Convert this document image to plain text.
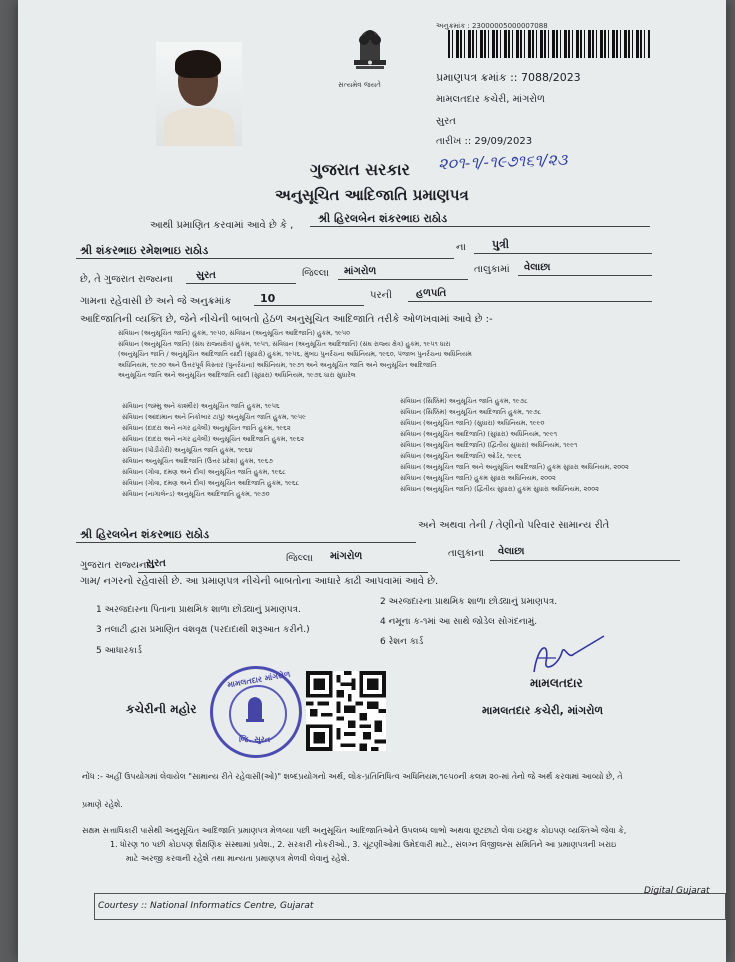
સત્યમેવ જયતે
અનુક્રમાંક : 23000005000007088
પ્રમાણપત્ર ક્રમાંક :: 7088/2023
મામલતદાર કચેરી, માંગરોળ
સુરત
તારીખ :: 29/09/2023
૨૦૧-૧/-૧૯૭૧૬૧/૨૩
ગુજરાત સરકાર
અનુસૂચિત આદિજાતિ પ્રમાણપત્ર
આથી પ્રમાણિત કરવામાં આવે છે કે ,
શ્રી હિરલબેન શંકરભાઇ રાઠોડ
શ્રી શંકરભાઇ રમેશભાઇ રાઠોડ	ના પુત્રી
છે, તે ગુજરાત રાજ્યના સુરત	જિલ્લા માંગરોળ	તાલુકામાં વેલાછા
ગામના રહેવાસી છે અને જે અનુક્રમાંક	10	પરની હળપતિ
આદિજાતિની વ્યક્તિ છે, જેને નીચેની બાબતો હેઠળ અનુસૂચિત આદિજાતિ તરીકે ઓળખવામાં આવે છે :-
સંવિધાન (અનુસૂચિત જાતિ) હુકમ, ૧૯૫૦, સંવિધાન (અનુસૂચિત આદિજાતિ) હુકમ, ૧૯૫૦
સંવિધાન (અનુસૂચિત જાતિ) (સંઘ રાજ્યક્ષેત્ર) હુકમ, ૧૯૫૧, સંવિધાન (અનુસૂચિત આદિજાતિ) (સંઘ રાજ્ય ક્ષેત્ર) હુકમ, ૧૯૫૧ ધારા
(અનુસૂચિત જાતિ / અનુસૂચિત આદિજાતિ યાદી (સુધારો) હુકમ, ૧૯૫૬, મુંબઇ પુનર્રચના અધિનિયમ, ૧૯૬૦, પંજાબ પુનર્રચના અધિનિયમ
અધિનિયમ, ૧૯૭૦ અને ઉત્તરપૂર્વ વિસ્તાર (પુનર્રચના) અધિનિયમ, ૧૯૭૧ અને અનુસૂચિત જાતિ અને અનુસૂચિત આદિજાતિ
અનુસૂચિત જાતિ અને અનુસૂચિત આદિજાતિ યાદી (સુધારા) અધિનિયમ, ૧૯૭૬ ધારા સુધારેલ
સંવિધાન (જમ્મુ અને કાશ્મીર) અનુસૂચિત જાતિ હુકમ, ૧૯૫૬
સંવિધાન (આંદામાન અને નિકોબાર ટાપુ) અનુસૂચિત જાતિ હુકમ, ૧૯૫૯
સંવિધાન (દાદરા અને નગર હવેલી) અનુસૂચિત જાતિ હુકમ, ૧૯૬૨
સંવિધાન (દાદરા અને નગર હવેલી) અનુસૂચિત આદિજાતિ હુકમ, ૧૯૬૨
સંવિધાન (પોંડીચેરી) અનુસૂચિત જાતિ હુકમ, ૧૯૬૪
સંવિધાન અનુસૂચિત આદિજાતિ (ઉત્તર પ્રદેશ) હુકમ, ૧૯૬૭
સંવિધાન (ગોવા, દમણ અને દીવ) અનુસૂચિત જાતિ હુકમ, ૧૯૬૮
સંવિધાન (ગોવા, દમણ અને દીવ) અનુસૂચિત આદિજાતિ હુકમ, ૧૯૬૮
સંવિધાન (નાગાલેન્ડ) અનુસૂચિત આદિજાતિ હુકમ, ૧૯૭૦
સંવિધાન (સિક્કિમ) અનુસૂચિત જાતિ હુકમ, ૧૯૭૮
સંવિધાન (સિક્કિમ) અનુસૂચિત આદિજાતિ હુકમ, ૧૯૭૮
સંવિધાન (અનુસૂચિત જાતિ) (સુધારા) અધિનિયમ, ૧૯૯૦
સંવિધાન (અનુસૂચિત આદિજાતિ) (સુધારા) અધિનિયમ, ૧૯૯૧
સંવિધાન (અનુસૂચિત આદિજાતિ) (દ્વિતીય સુધારા) અધિનિયમ, ૧૯૯૧
સંવિધાન (અનુસૂચિત આદિજાતિ) ઓર્ડર, ૧૯૯૬
સંવિધાન (અનુસૂચિત જાતિ અને અનુસૂચિત આદિજાતિ) હુકમ સુધારા અધિનિયમ, ૨૦૦૨
સંવિધાન (અનુસૂચિત જાતિ) હુકમ સુધારા અધિનિયમ, ૨૦૦૨
સંવિધાન (અનુસૂચિત જાતિ) (દ્વિતીય સુધારા) હુકમ સુધારા અધિનિયમ, ૨૦૦૨
શ્રી હિરલબેન શંકરભાઇ રાઠોડ
અને અથવા તેની / તેણીનો પરિવાર સામાન્ય રીતે
ગુજરાત રાજ્યના
સુરત	જિલ્લા માંગરોળ	તાલુકાના વેલાછા
ગામ/ નગરનો રહેવાસી છે. આ પ્રમાણપત્ર નીચેની બાબતોના આધારે કાઢી આપવામાં આવે છે.
1 અરજદારના પિતાના પ્રાથમિક શાળા છોડ્યાનું પ્રમાણપત્ર.
2 અરજદારના પ્રાથમિક શાળા છોડ્યાનું પ્રમાણપત્ર.
3 તલાટી દ્વારા પ્રમાણિત વંશવૃક્ષ (પરદાદાથી શરૂઆત કરીને.)
4 નમૂના ક-૧માં આ સાથે જોડેલ સોગંદનામું.
5 આધારકાર્ડ
6 રેશન કાર્ડ
કચેરીની મહોર
મામલતદાર માંગરોળ
જિ. સુરત
મામલતદાર
મામલતદાર કચેરી, માંગરોળ
નોંધ :- અહીં ઉપયોગમાં લેવાયેલ "સામાન્ય રીતે રહેવાસી(ઓ)" શબ્દપ્રયોગનો અર્થ, લોક-પ્રતિનિધિત્વ અધિનિયમ,૧૯૫૦ની કલમ ૨૦-માં તેનો જે અર્થ કરવામાં આવ્યો છે, તે
પ્રમાણે રહેશે.
સક્ષમ સત્તાધિકારી પાસેથી અનુસૂચિત આદિજાતિ પ્રમાણપત્ર મેળવ્યા પછી અનુસૂચિત આદિજાતિઓને ઉપલબ્ધ લાભો અથવા છૂટછાટો લેવા ઇચ્છુક કોઇપણ વ્યક્તિએ જેવા કે,
1. ધોરણ ૧૦ પછી કોઇપણ શૈક્ષણિક સંસ્થામાં પ્રવેશ., 2. સરકારી નોકરીઓ., 3. ચૂંટણીઓમાં ઉમેદવારી માટે., સંલગ્ન વિજીલન્સ સમિતિને આ પ્રમાણપત્રની ખરાઇ
માટે અરજી કરવાની રહેશે તથા માન્યતા પ્રમાણપત્ર મેળવી લેવાનું રહેશે.
Courtesy :: National Informatics Centre, Gujarat
Digital Gujarat
